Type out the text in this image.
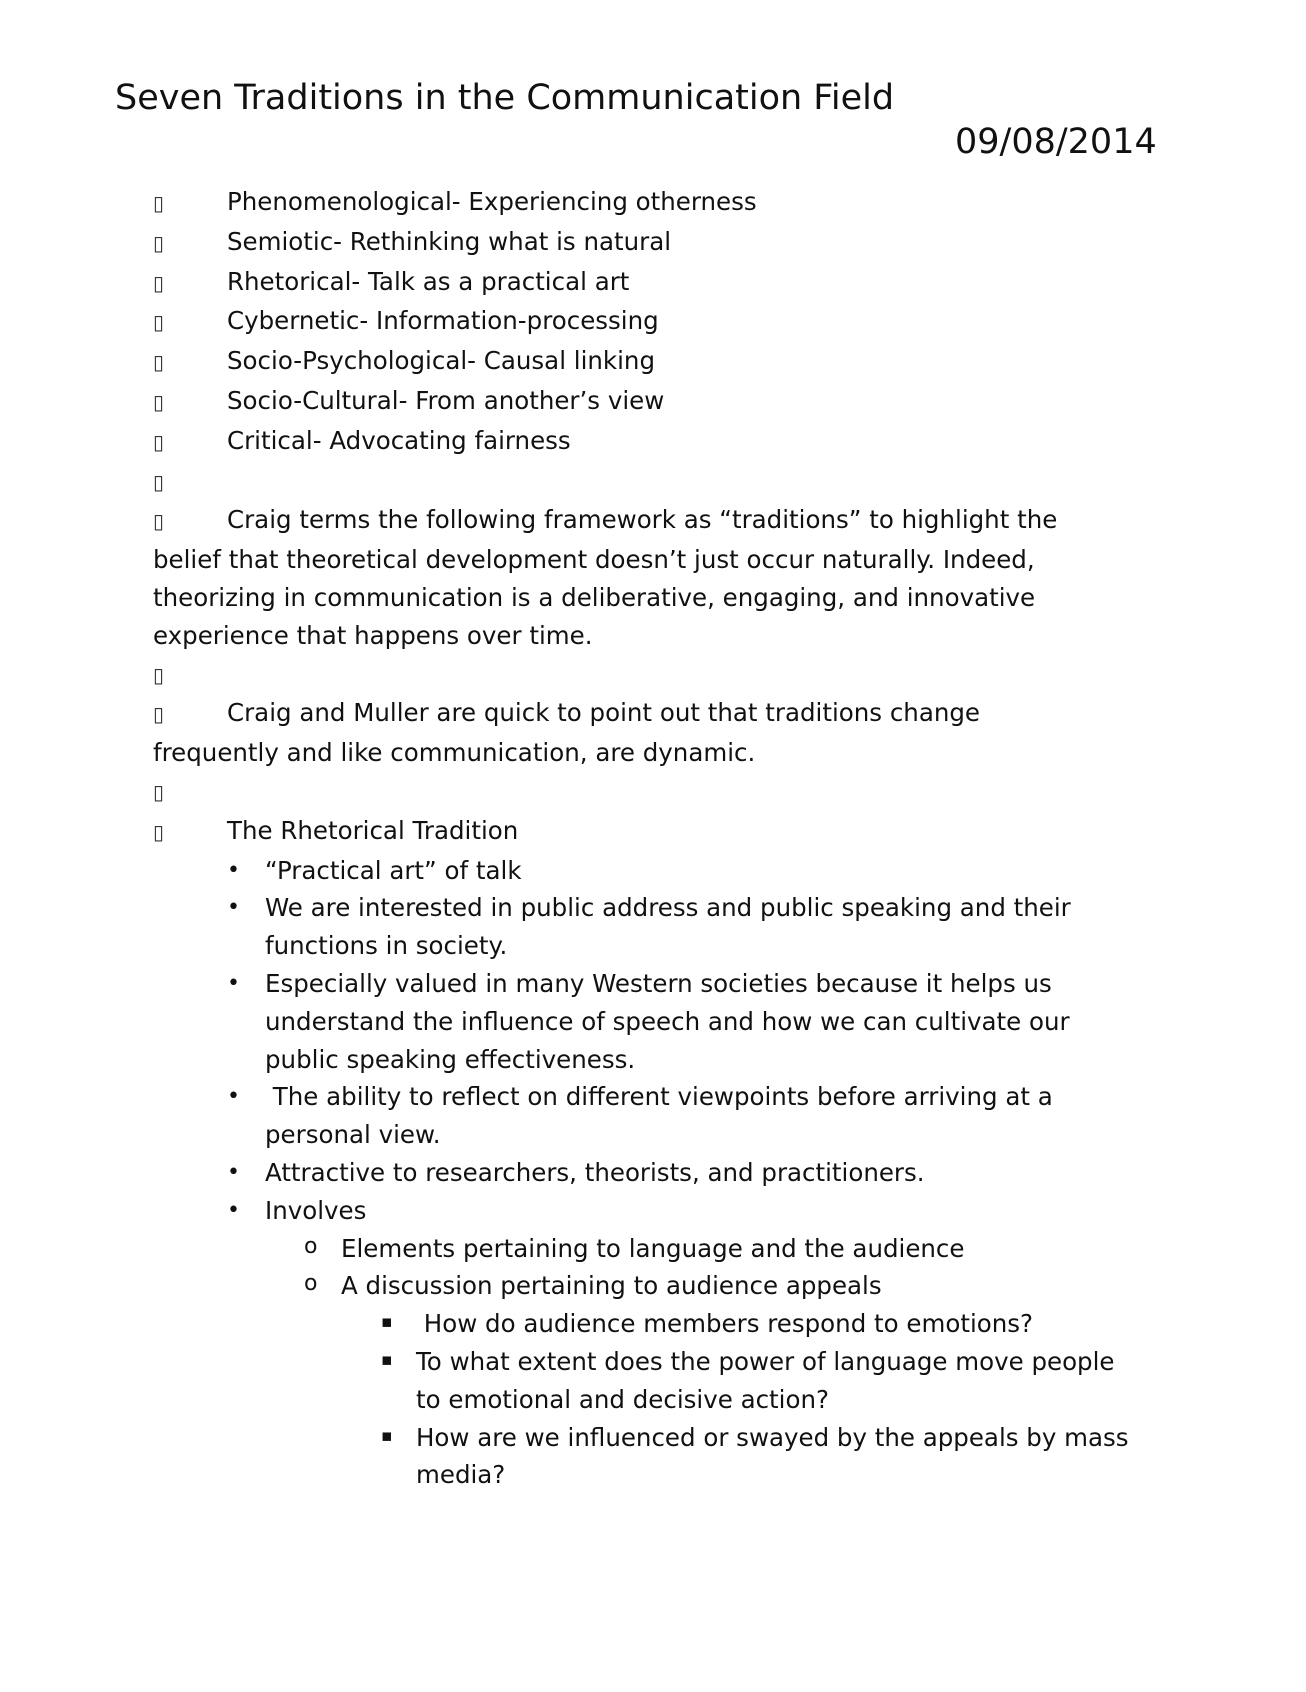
Seven Traditions in the Communication Field
09/08/2014
▯	Phenomenological- Experiencing otherness
▯	Semiotic- Rethinking what is natural
▯	Rhetorical- Talk as a practical art
▯	Cybernetic- Information-processing
▯	Socio-Psychological- Causal linking
▯	Socio-Cultural- From another’s view
▯	Critical- Advocating fairness
▯
▯	Craig terms the following framework as “traditions” to highlight the belief that theoretical development doesn’t just occur naturally. Indeed, theorizing in communication is a deliberative, engaging, and innovative experience that happens over time.
▯
▯	Craig and Muller are quick to point out that traditions change frequently and like communication, are dynamic.
▯
▯	The Rhetorical Tradition
• “Practical art” of talk
• We are interested in public address and public speaking and their functions in society.
• Especially valued in many Western societies because it helps us understand the influence of speech and how we can cultivate our public speaking effectiveness.
• The ability to reflect on different viewpoints before arriving at a personal view.
• Attractive to researchers, theorists, and practitioners.
• Involves
o Elements pertaining to language and the audience
o A discussion pertaining to audience appeals
▪ How do audience members respond to emotions?
▪ To what extent does the power of language move people to emotional and decisive action?
▪ How are we influenced or swayed by the appeals by mass media?
